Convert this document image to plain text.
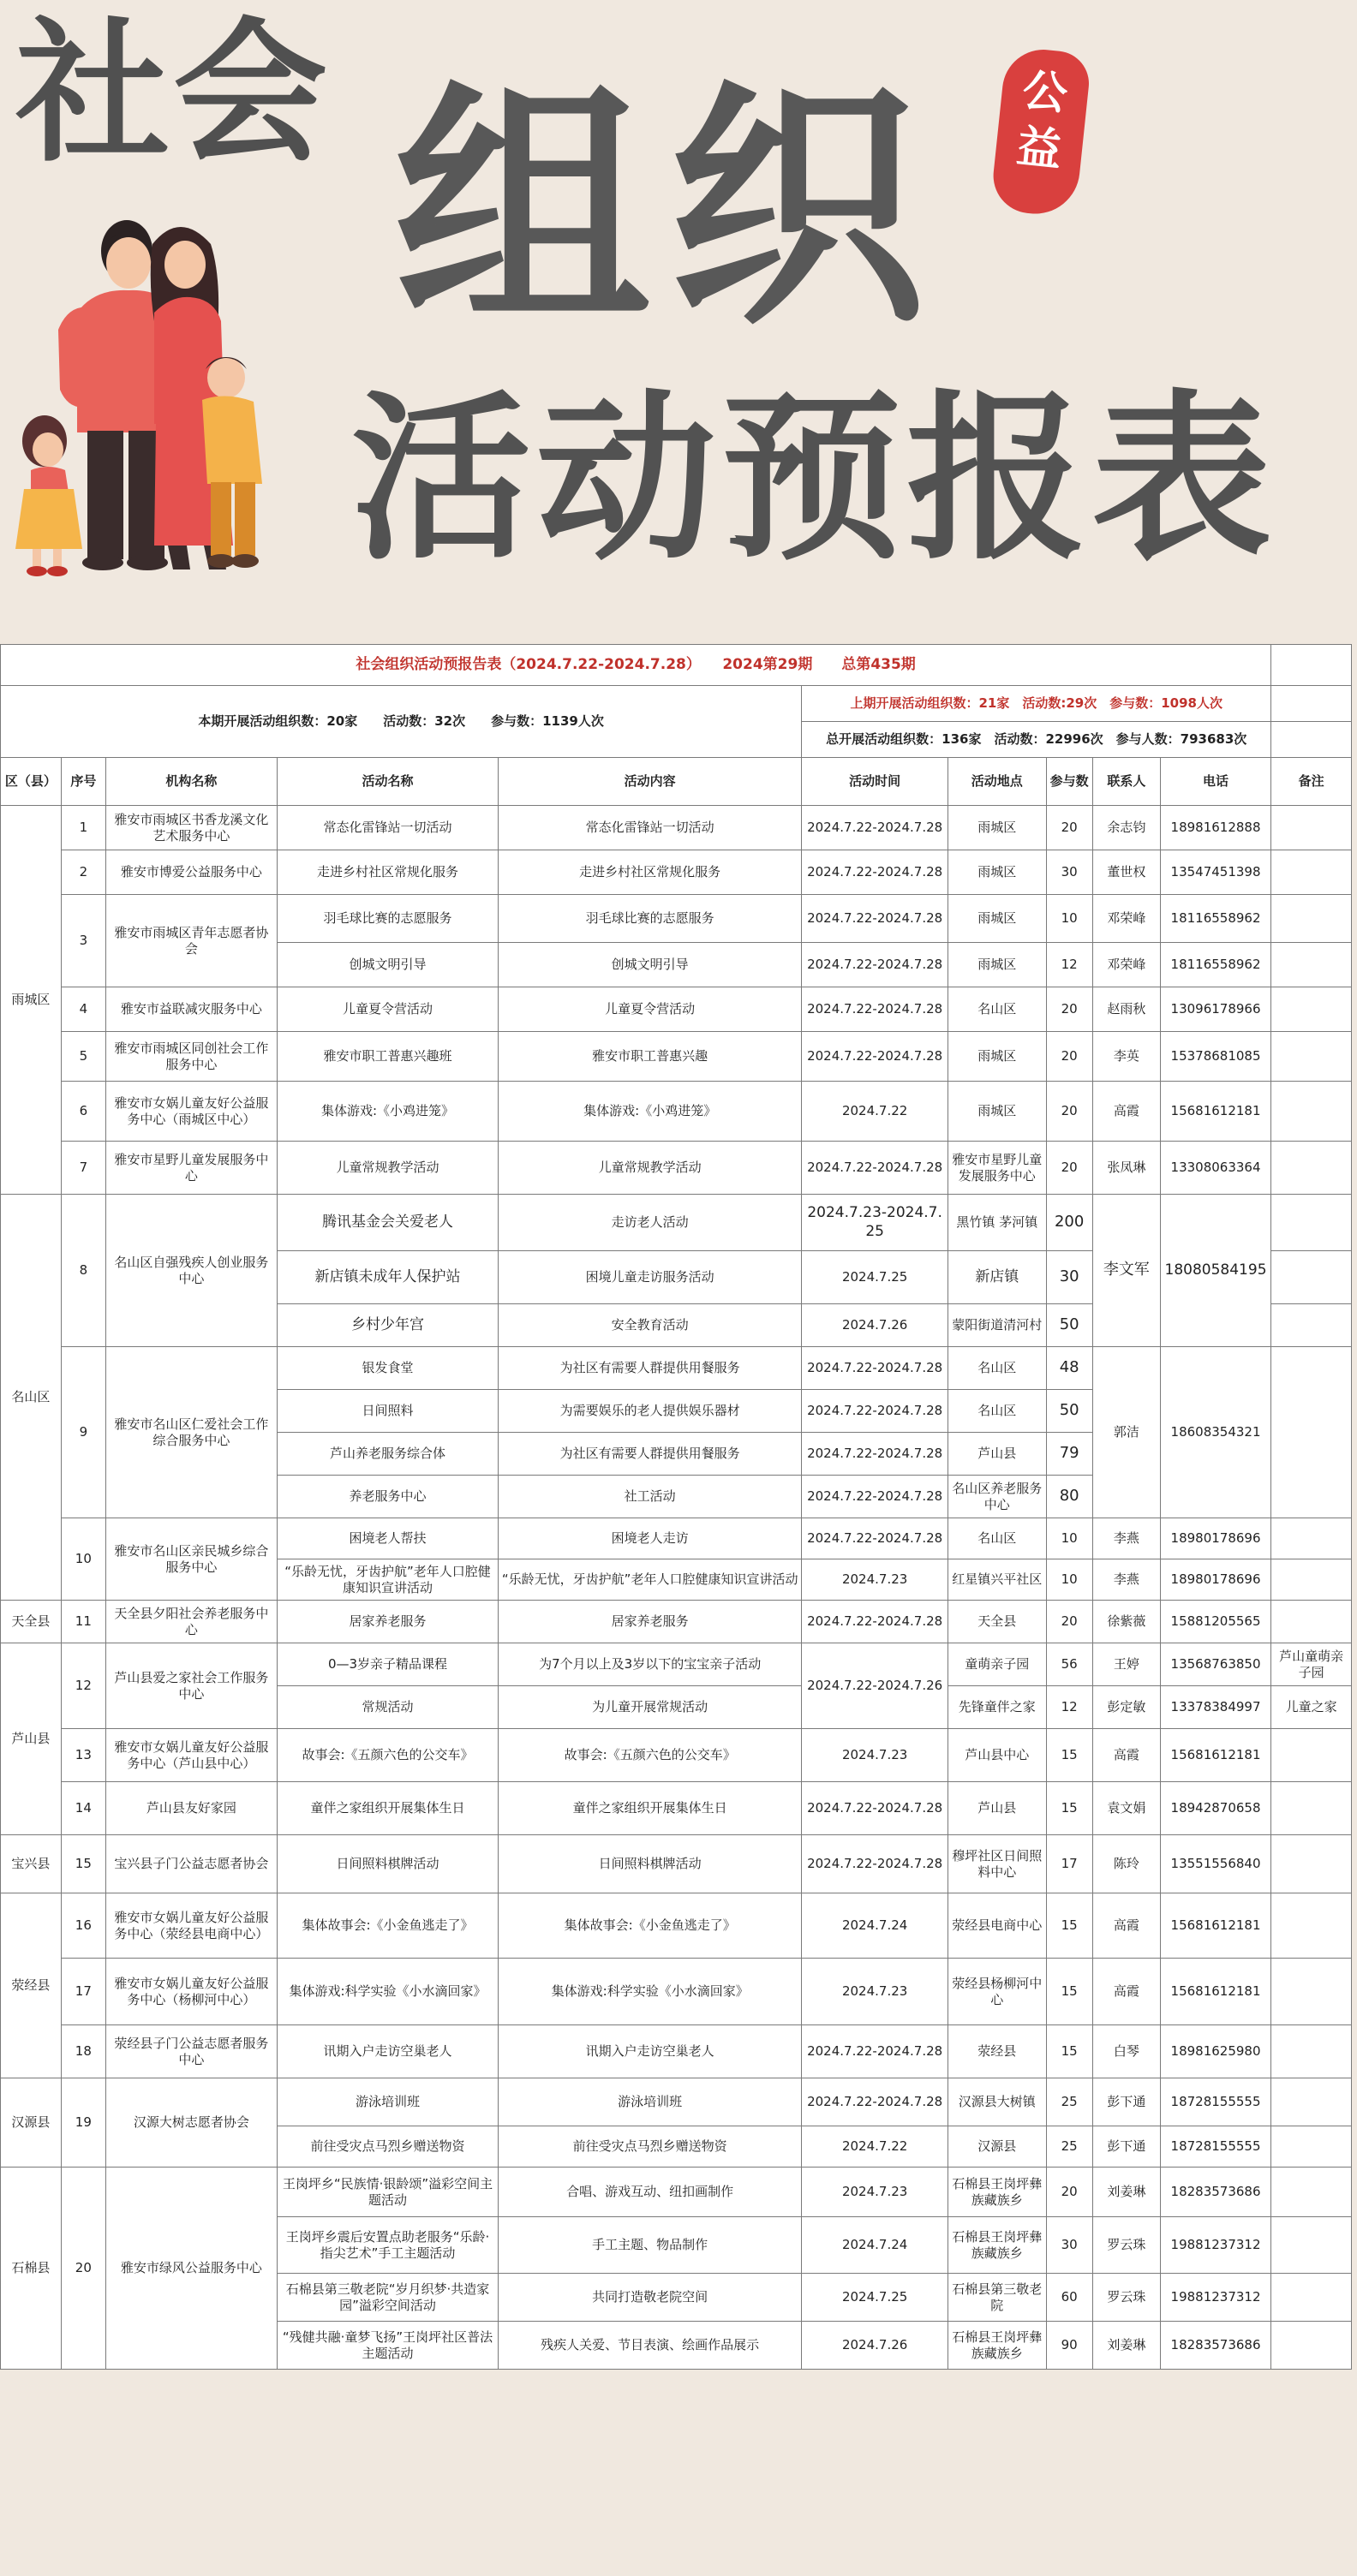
社会 组织
活动预报表
公
益
社会组织活动预报告表（2024.7.22-2024.7.28）　　2024第29期　　总第435期										
本期开展活动组织数：20家　　活动数：32次　　参与数：1139人次					上期开展活动组织数：21家　活动数:29次　参与数：1098人次					
					总开展活动组织数：136家　活动数：22996次　参与人数：793683次					
区（县）	序号	机构名称	活动名称	活动内容	活动时间	活动地点	参与数	联系人	电话	备注
雨城区	1	雅安市雨城区书香龙溪文化艺术服务中心	常态化雷锋站一切活动	常态化雷锋站一切活动	2024.7.22-2024.7.28	雨城区	20	余志钧	18981612888	
	2	雅安市博爱公益服务中心	走进乡村社区常规化服务	走进乡村社区常规化服务	2024.7.22-2024.7.28	雨城区	30	董世权	13547451398	
	3	雅安市雨城区青年志愿者协会	羽毛球比赛的志愿服务	羽毛球比赛的志愿服务	2024.7.22-2024.7.28	雨城区	10	邓荣峰	18116558962	
			创城文明引导	创城文明引导	2024.7.22-2024.7.28	雨城区	12	邓荣峰	18116558962	
	4	雅安市益联减灾服务中心	儿童夏令营活动	儿童夏令营活动	2024.7.22-2024.7.28	名山区	20	赵雨秋	13096178966	
	5	雅安市雨城区同创社会工作服务中心	雅安市职工普惠兴趣班	雅安市职工普惠兴趣	2024.7.22-2024.7.28	雨城区	20	李英	15378681085	
	6	雅安市女娲儿童友好公益服务中心（雨城区中心）	集体游戏:《小鸡进笼》	集体游戏:《小鸡进笼》	2024.7.22	雨城区	20	高霞	15681612181	
	7	雅安市星野儿童发展服务中心	儿童常规教学活动	儿童常规教学活动	2024.7.22-2024.7.28	雅安市星野儿童发展服务中心	20	张凤琳	13308063364	
名山区	8	名山区自强残疾人创业服务中心	腾讯基金会关爱老人	走访老人活动	2024.7.23-2024.7.25	黑竹镇 茅河镇	200	李文军	18080584195	
			新店镇未成年人保护站	困境儿童走访服务活动	2024.7.25	新店镇	30			
			乡村少年宫	安全教育活动	2024.7.26	蒙阳街道清河村	50			
	9	雅安市名山区仁爱社会工作综合服务中心	银发食堂	为社区有需要人群提供用餐服务	2024.7.22-2024.7.28	名山区	48	郭洁	18608354321	
			日间照料	为需要娱乐的老人提供娱乐器材	2024.7.22-2024.7.28	名山区	50			
			芦山养老服务综合体	为社区有需要人群提供用餐服务	2024.7.22-2024.7.28	芦山县	79			
			养老服务中心	社工活动	2024.7.22-2024.7.28	名山区养老服务中心	80			
	10	雅安市名山区亲民城乡综合服务中心	困境老人帮扶	困境老人走访	2024.7.22-2024.7.28	名山区	10	李燕	18980178696	
			“乐龄无忧，牙齿护航”老年人口腔健康知识宣讲活动	“乐龄无忧，牙齿护航”老年人口腔健康知识宣讲活动	2024.7.23	红星镇兴平社区	10	李燕	18980178696	
天全县	11	天全县夕阳社会养老服务中心	居家养老服务	居家养老服务	2024.7.22-2024.7.28	天全县	20	徐紫薇	15881205565	
芦山县	12	芦山县爱之家社会工作服务中心	0—3岁亲子精品课程	为7个月以上及3岁以下的宝宝亲子活动	2024.7.22-2024.7.26	童萌亲子园	56	王婷	13568763850	芦山童萌亲子园
			常规活动	为儿童开展常规活动		先锋童伴之家	12	彭定敏	13378384997	儿童之家
	13	雅安市女娲儿童友好公益服务中心（芦山县中心）	故事会:《五颜六色的公交车》	故事会:《五颜六色的公交车》	2024.7.23	芦山县中心	15	高霞	15681612181	
	14	芦山县友好家园	童伴之家组织开展集体生日	童伴之家组织开展集体生日	2024.7.22-2024.7.28	芦山县	15	袁文娟	18942870658	
宝兴县	15	宝兴县子门公益志愿者协会	日间照料棋牌活动	日间照料棋牌活动	2024.7.22-2024.7.28	穆坪社区日间照料中心	17	陈玲	13551556840	
荥经县	16	雅安市女娲儿童友好公益服务中心（荥经县电商中心）	集体故事会:《小金鱼逃走了》	集体故事会:《小金鱼逃走了》	2024.7.24	荥经县电商中心	15	高霞	15681612181	
	17	雅安市女娲儿童友好公益服务中心（杨柳河中心）	集体游戏:科学实验《小水滴回家》	集体游戏:科学实验《小水滴回家》	2024.7.23	荥经县杨柳河中心	15	高霞	15681612181	
	18	荥经县子门公益志愿者服务中心	讯期入户走访空巢老人	讯期入户走访空巢老人	2024.7.22-2024.7.28	荥经县	15	白琴	18981625980	
汉源县	19	汉源大树志愿者协会	游泳培训班	游泳培训班	2024.7.22-2024.7.28	汉源县大树镇	25	彭下通	18728155555	
			前往受灾点马烈乡赠送物资	前往受灾点马烈乡赠送物资	2024.7.22	汉源县	25	彭下通	18728155555	
石棉县	20	雅安市绿风公益服务中心	王岗坪乡“民族情·银龄颂”溢彩空间主题活动	合唱、游戏互动、纽扣画制作	2024.7.23	石棉县王岗坪彝族藏族乡	20	刘姜琳	18283573686	
			王岗坪乡震后安置点助老服务“乐龄·指尖艺术”手工主题活动	手工主题、物品制作	2024.7.24	石棉县王岗坪彝族藏族乡	30	罗云珠	19881237312	
			石棉县第三敬老院“岁月织梦·共造家园”溢彩空间活动	共同打造敬老院空间	2024.7.25	石棉县第三敬老院	60	罗云珠	19881237312	
			“残健共融·童梦飞扬”王岗坪社区普法主题活动	残疾人关爱、节目表演、绘画作品展示	2024.7.26	石棉县王岗坪彝族藏族乡	90	刘姜琳	18283573686	
